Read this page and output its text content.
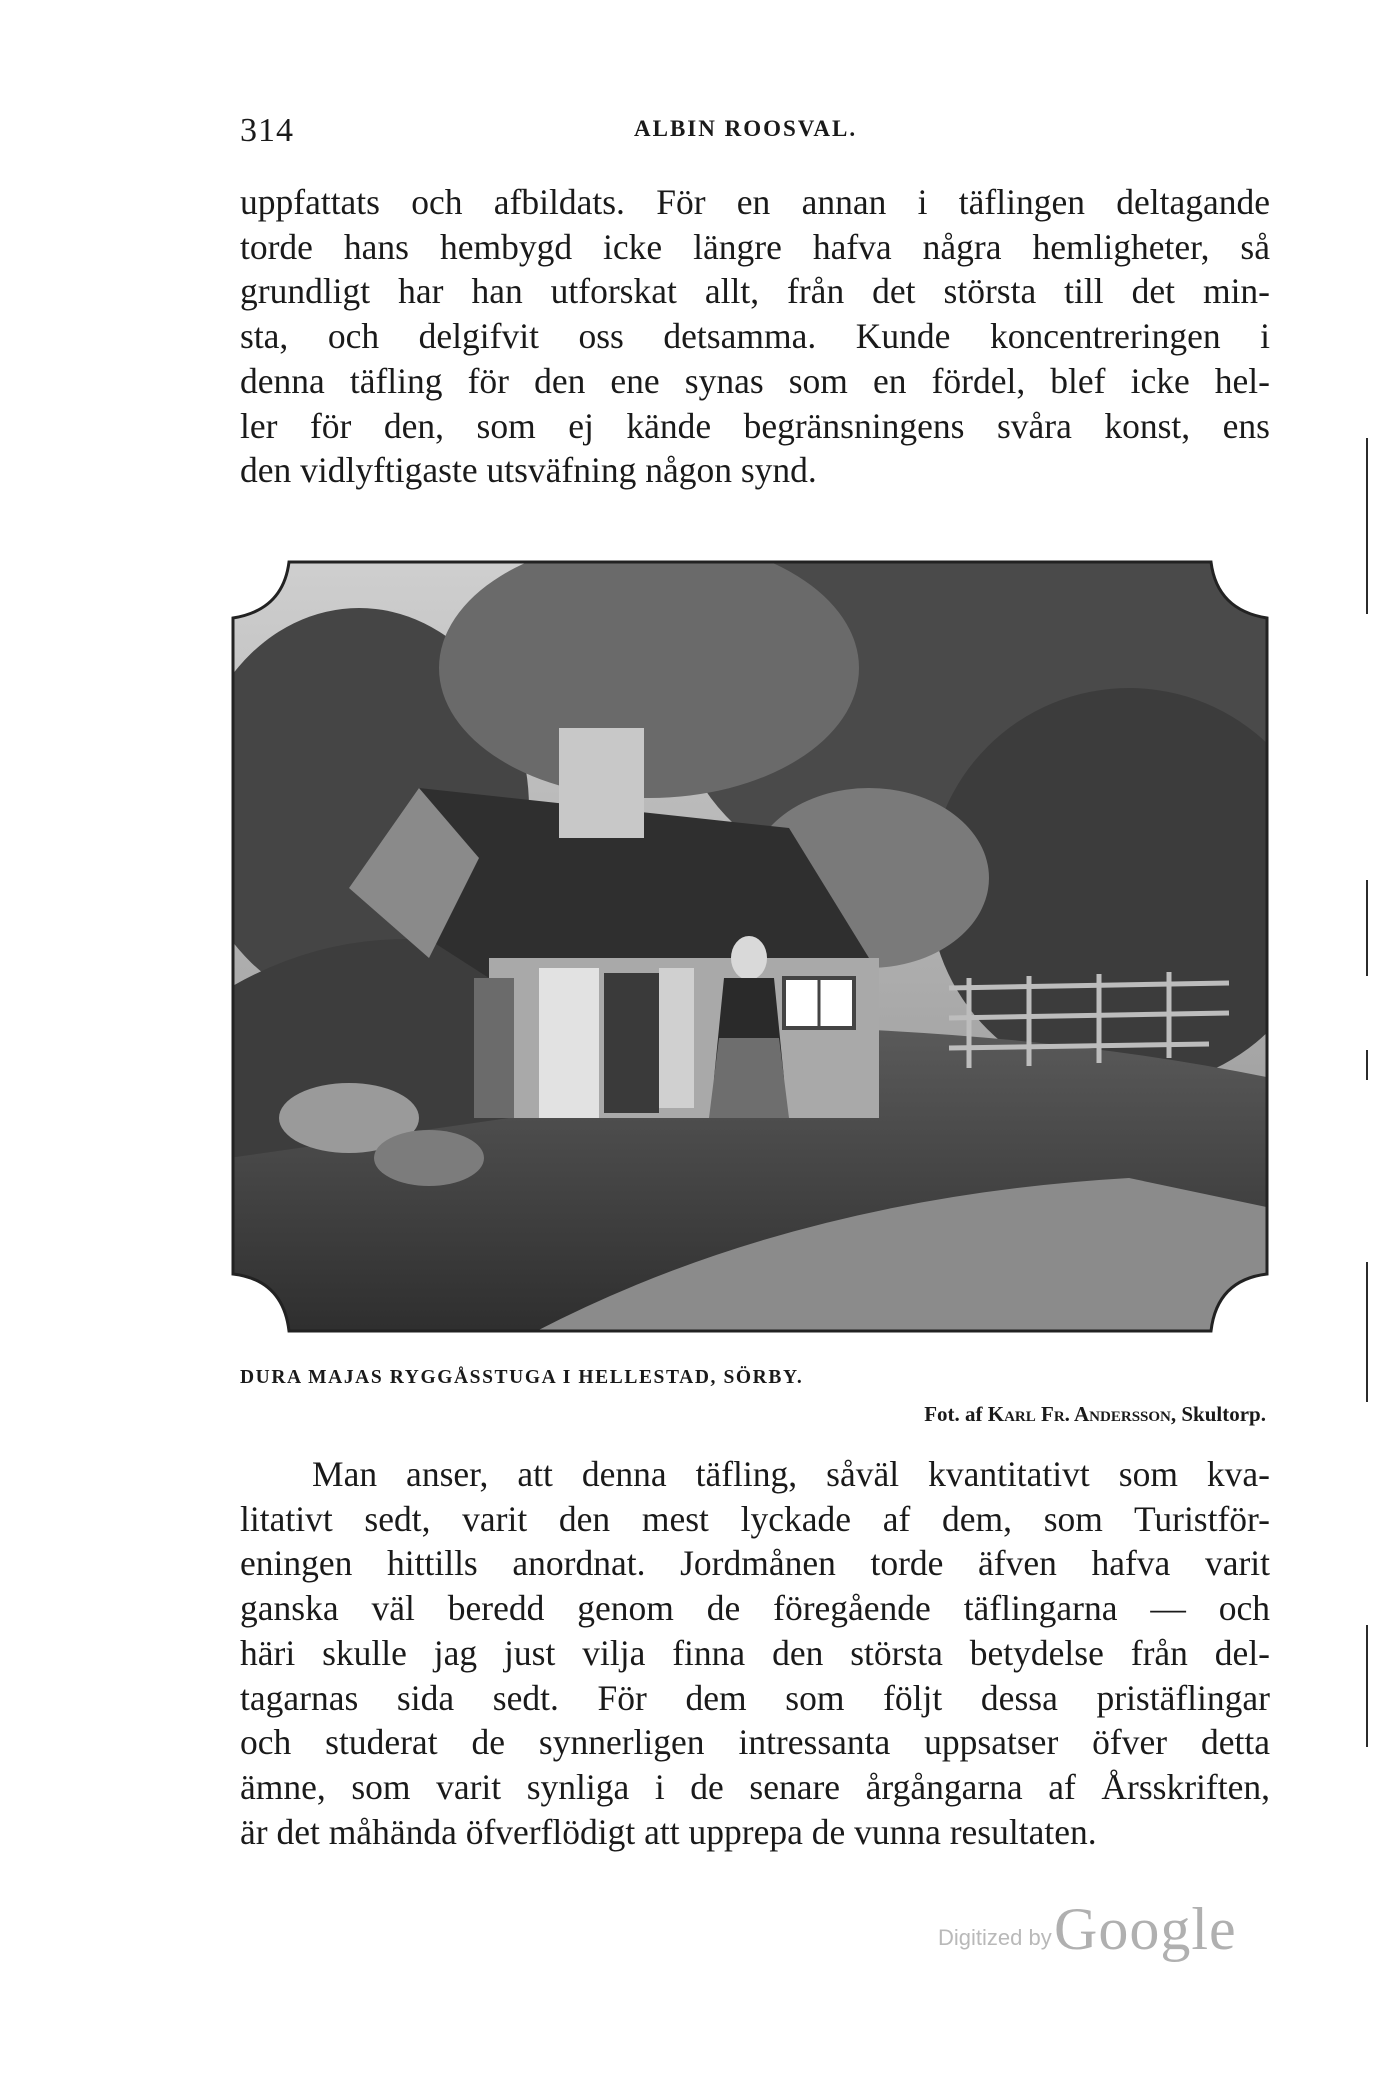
314	ALBIN ROOSVAL.
uppfattats och afbildats. För en annan i täflingen deltagande
torde hans hembygd icke längre hafva några hemligheter, så
grundligt har han utforskat allt, från det största till det min-
sta, och delgifvit oss detsamma. Kunde koncentreringen i
denna täfling för den ene synas som en fördel, blef icke hel-
ler för den, som ej kände begränsningens svåra konst, ens
den vidlyftigaste utsväfning någon synd.
DURA MAJAS RYGGÅSSTUGA I HELLESTAD, SÖRBY.
Fot. af Karl Fr. Andersson, Skultorp.
Man anser, att denna täfling, såväl kvantitativt som kva-
litativt sedt, varit den mest lyckade af dem, som Turistför-
eningen hittills anordnat. Jordmånen torde äfven hafva varit
ganska väl beredd genom de föregående täflingarna — och
häri skulle jag just vilja finna den största betydelse från del-
tagarnas sida sedt. För dem som följt dessa pristäflingar
och studerat de synnerligen intressanta uppsatser öfver detta
ämne, som varit synliga i de senare årgångarna af Årsskriften,
är det måhända öfverflödigt att upprepa de vunna resultaten.
Digitized by Google
